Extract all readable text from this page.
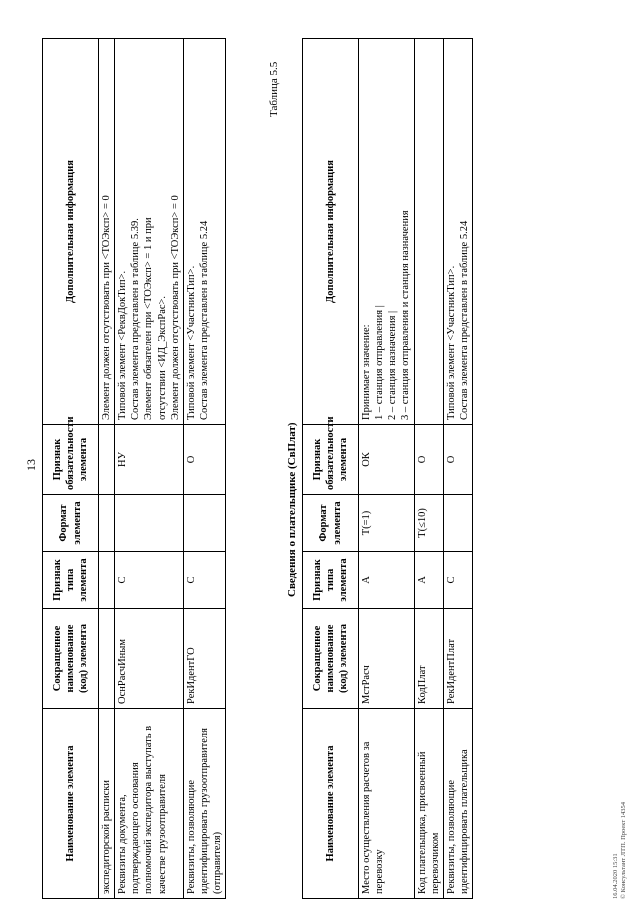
13
Наименование элемента	Сокращенное наименование (код) элемента	Признак типа элемента	Формат элемента	Признак обязательности элемента	Дополнительная информация
экспедиторской расписки					Элемент должен отсутствовать при <ТОЭксп> = 0

Реквизиты документа, подтверждающего основания полномочий экспедитора выступать в качестве грузоотправителя	ОснРасчИным	С		НУ	Типовой элемент <РеквДокТип>. Состав элемента представлен в таблице 5.39. Элемент обязателен при <ТОЭксп> = 1 и при отсутствии <ИД_ЭкспРас>. Элемент должен отсутствовать при <ТОЭксп> = 0

Реквизиты, позволяющие идентифицировать грузоотправителя (отправителя)	РекИдентГО	С		О	Типовой элемент <УчастникТип>. Состав элемента представлен в таблице 5.24
Таблица 5.5
Сведения о плательщике (СвПлат)
Наименование элемента	Сокращенное наименование (код) элемента	Признак типа элемента	Формат элемента	Признак обязательности элемента	Дополнительная информация
Место осуществления расчетов за перевозку	МстРасч	А	T(=1)	ОК	Принимает значение: 1 – станция отправления | 2 – станция назначения | 3 – станция отправления и станция назначения

Код плательщика, присвоенный перевозчиком	КодПлат	А	T(≤10)	О	
Реквизиты, позволяющие идентифицировать плательщика	РекИдентПлат	С		О	Типовой элемент <УчастникТип>. Состав элемента представлен в таблице 5.24
16.04.2020 15:31 © Консультант ЛТП. Проект 14354
